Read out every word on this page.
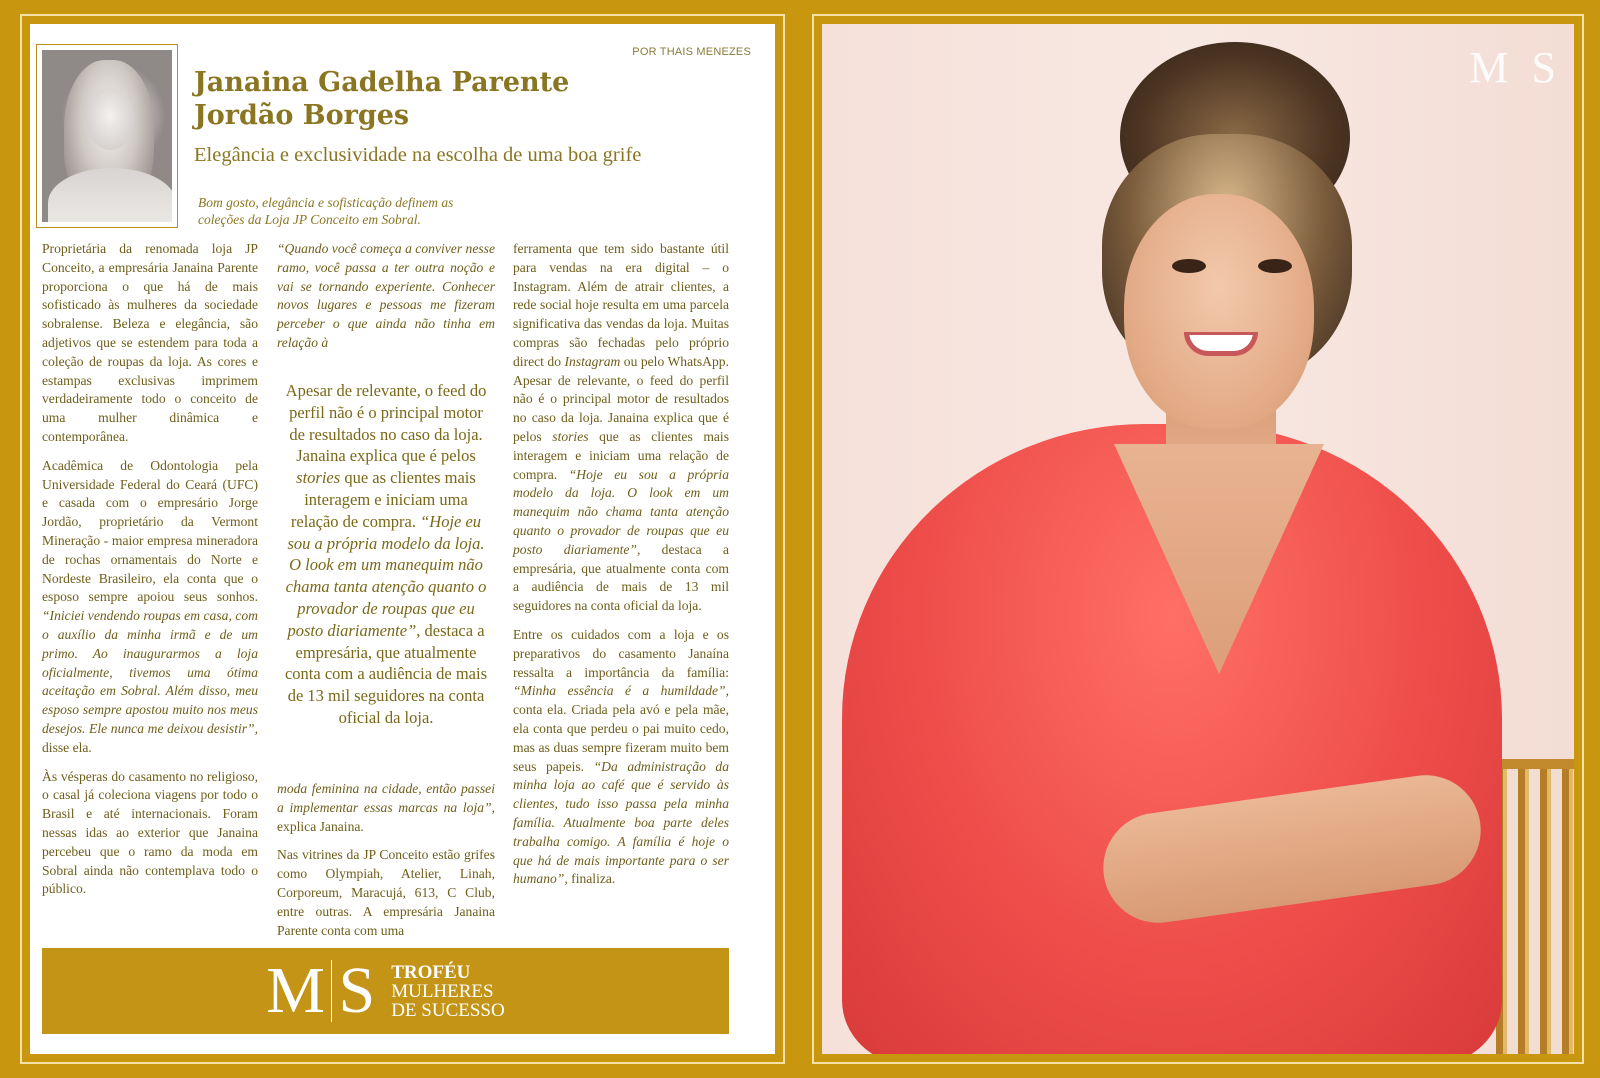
POR THAIS MENEZES
Janaina Gadelha Parente
Jordão Borges
Elegância e exclusividade na escolha de uma boa grife
Bom gosto, elegância e sofisticação definem as
coleções da Loja JP Conceito em Sobral.

Proprietária da renomada loja JP Conceito, a empresária Janaina Parente proporciona o que há de mais sofisticado às mulheres da sociedade sobralense. Beleza e elegância, são adjetivos que se estendem para toda a coleção de roupas da loja. As cores e estampas exclusivas imprimem verdadeiramente todo o conceito de uma mulher dinâmica e contemporânea.

Acadêmica de Odontologia pela Universidade Federal do Ceará (UFC) e casada com o empresário Jorge Jordão, proprietário da Vermont Mineração - maior empresa mineradora de rochas ornamentais do Norte e Nordeste Brasileiro, ela conta que o esposo sempre apoiou seus sonhos. “Iniciei vendendo roupas em casa, com o auxílio da minha irmã e de um primo. Ao inaugurarmos a loja oficialmente, tivemos uma ótima aceitação em Sobral. Além disso, meu esposo sempre apostou muito nos meus desejos. Ele nunca me deixou desistir”, disse ela.

Às vésperas do casamento no religioso, o casal já coleciona viagens por todo o Brasil e até internacionais. Foram nessas idas ao exterior que Janaina percebeu que o ramo da moda em Sobral ainda não contemplava todo o público.

“Quando você começa a conviver nesse ramo, você passa a ter outra noção e vai se tornando experiente. Conhecer novos lugares e pessoas me fizeram perceber o que ainda não tinha em relação à
Apesar de relevante, o feed do perfil não é o principal motor de resultados no caso da loja. Janaina explica que é pelos stories que as clientes mais interagem e iniciam uma relação de compra. “Hoje eu sou a própria modelo da loja. O look em um manequim não chama tanta atenção quanto o provador de roupas que eu posto diariamente”, destaca a empresária, que atualmente conta com a audiência de mais de 13 mil seguidores na conta oficial da loja.

moda feminina na cidade, então passei a implementar essas marcas na loja”, explica Janaina.

Nas vitrines da JP Conceito estão grifes como Olympiah, Atelier, Linah, Corporeum, Maracujá, 613, C Club, entre outras. A empresária Janaina Parente conta com uma

ferramenta que tem sido bastante útil para vendas na era digital – o Instagram. Além de atrair clientes, a rede social hoje resulta em uma parcela significativa das vendas da loja. Muitas compras são fechadas pelo próprio direct do Instagram ou pelo WhatsApp. Apesar de relevante, o feed do perfil não é o principal motor de resultados no caso da loja. Janaina explica que é pelos stories que as clientes mais interagem e iniciam uma relação de compra. “Hoje eu sou a própria modelo da loja. O look em um manequim não chama tanta atenção quanto o provador de roupas que eu posto diariamente”, destaca a empresária, que atualmente conta com a audiência de mais de 13 mil seguidores na conta oficial da loja.

Entre os cuidados com a loja e os preparativos do casamento Janaína ressalta a importância da família: “Minha essência é a humildade”, conta ela. Criada pela avó e pela mãe, ela conta que perdeu o pai muito cedo, mas as duas sempre fizeram muito bem seus papeis. “Da administração da minha loja ao café que é servido às clientes, tudo isso passa pela minha família. Atualmente boa parte deles trabalha comigo. A família é hoje o que há de mais importante para o ser humano”, finaliza.

M S TROFÉU
MULHERES
DE SUCESSO
M S
